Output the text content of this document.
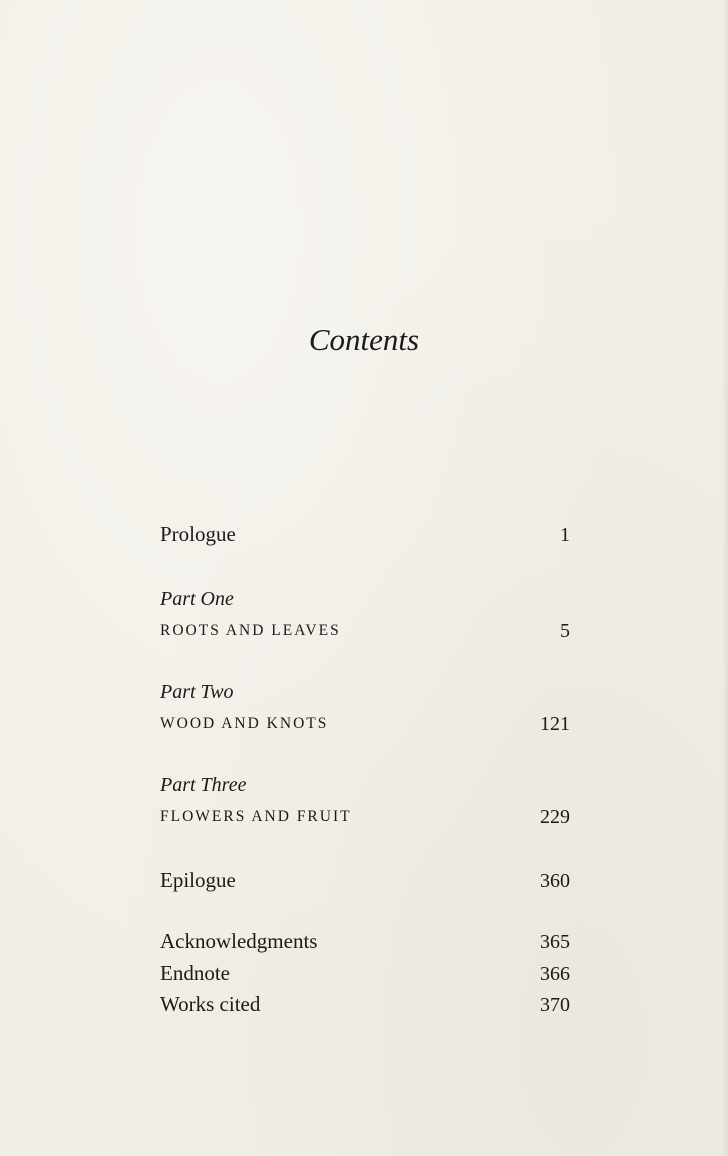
Contents
Prologue	1
Part One
ROOTS AND LEAVES	5
Part Two
WOOD AND KNOTS	121
Part Three
FLOWERS AND FRUIT	229
Epilogue	360
Acknowledgments	365
Endnote	366
Works cited	370
